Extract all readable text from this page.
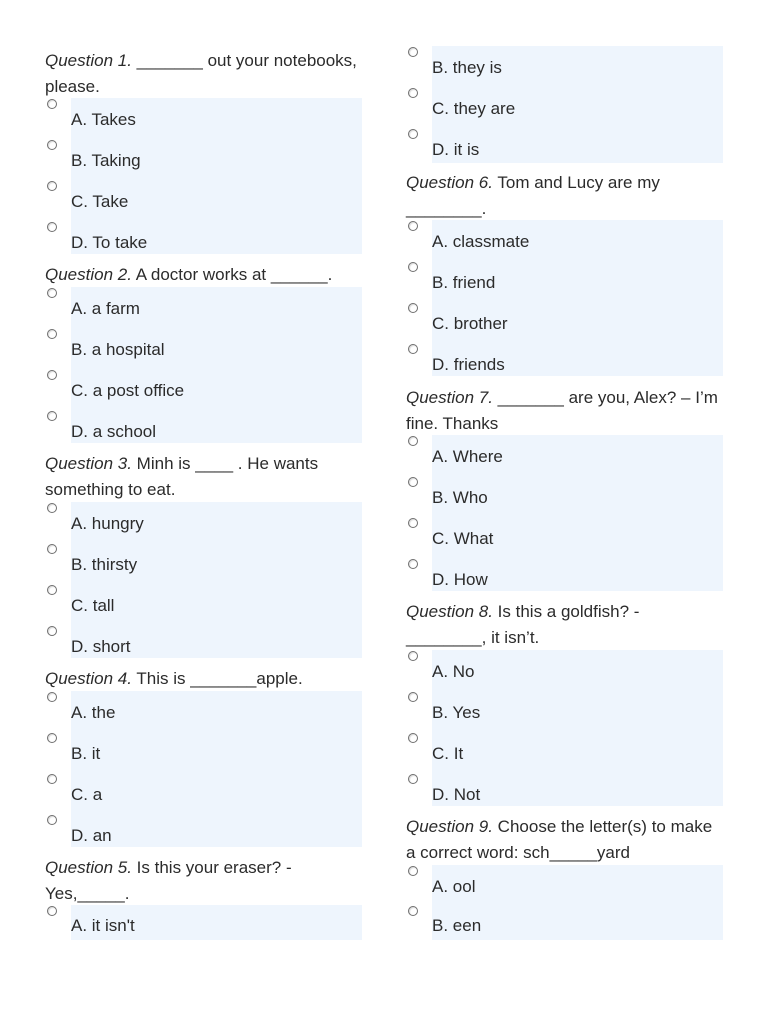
Question 1. _______ out your notebooks, please.

A. Takes
B. Taking
C. Take
D. To take

Question 2. A doctor works at ______.

A. a farm
B. a hospital
C. a post office
D. a school

Question 3. Minh is ____ . He wants something to eat.

A. hungry
B. thirsty
C. tall
D. short

Question 4. This is _______apple.

A. the
B. it
C. a
D. an

Question 5. Is this your eraser? - Yes,_____.

A. it isn't
B. they is
C. they are
D. it is

Question 6. Tom and Lucy are my ________.

A. classmate
B. friend
C. brother
D. friends

Question 7. _______ are you, Alex? – I’m fine. Thanks

A. Where
B. Who
C. What
D. How

Question 8. Is this a goldfish? - ________, it isn’t.

A. No
B. Yes
C. It
D. Not

Question 9. Choose the letter(s) to make a correct word: sch_____yard

A. ool
B. een
